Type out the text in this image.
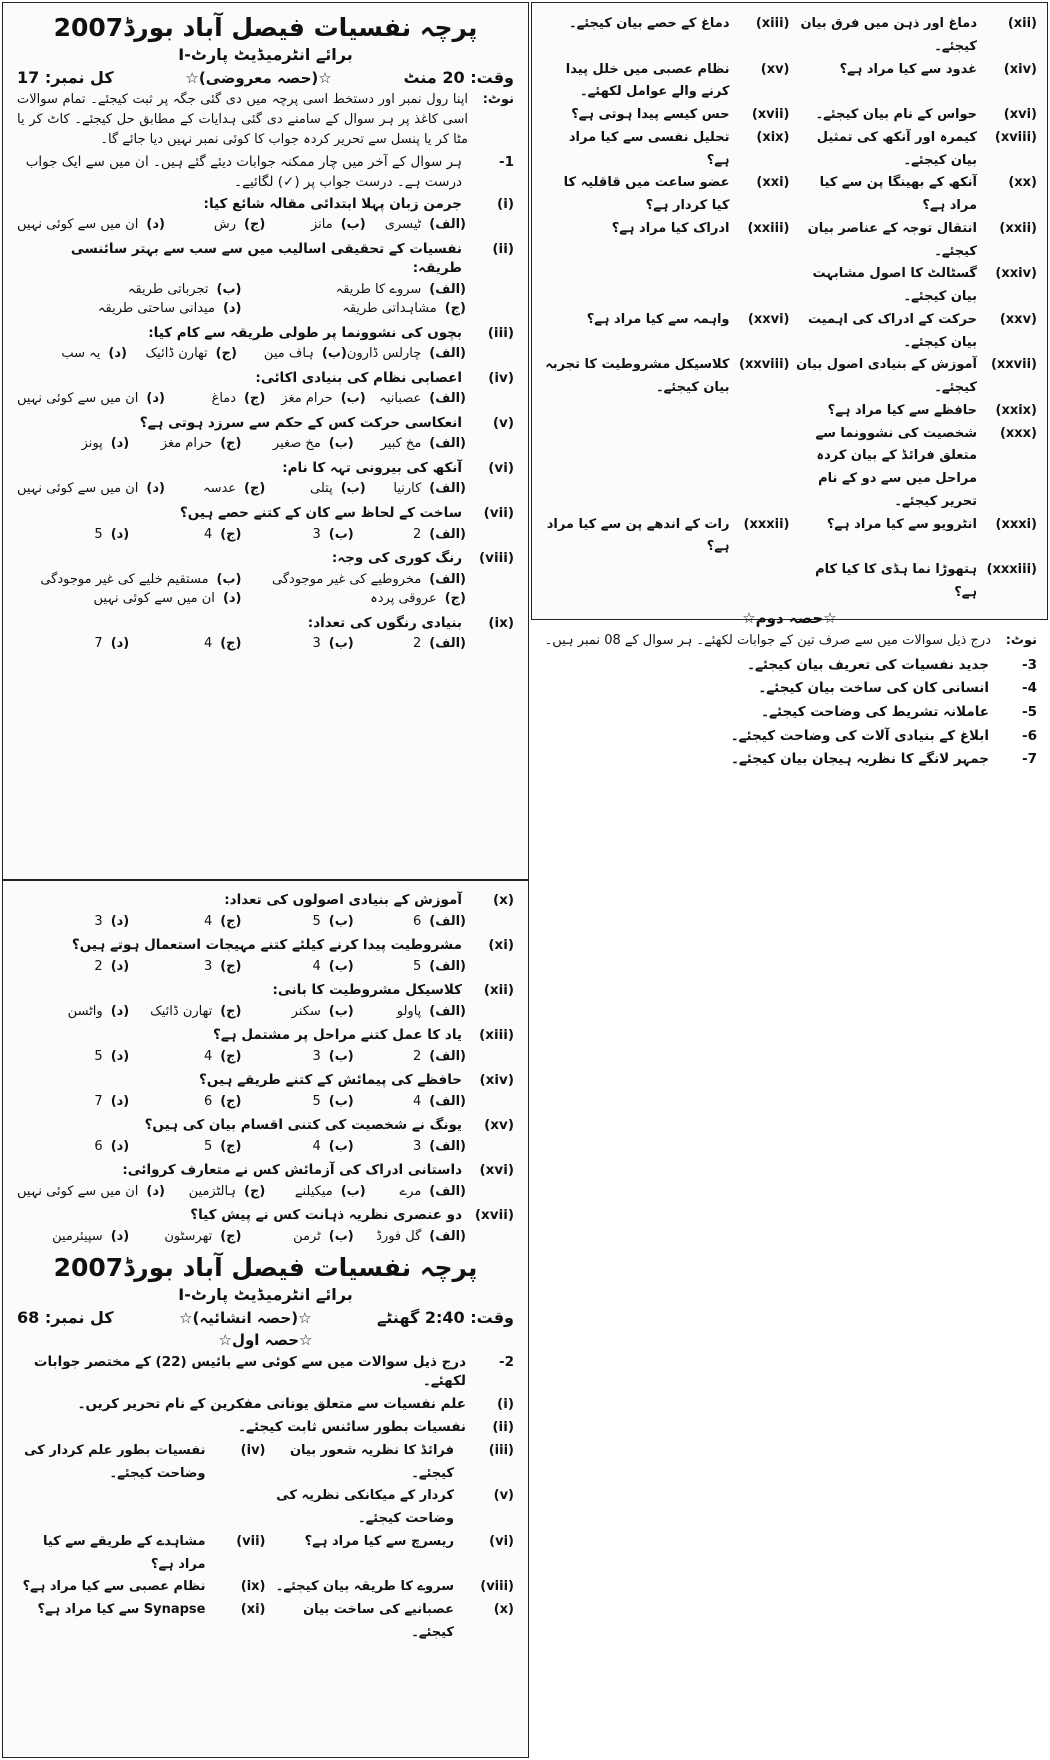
پرچہ نفسیات فیصل آباد بورڈ2007
برائے انٹرمیڈیٹ پارٹ-I
وقت: 20 منٹ
☆(حصہ معروضی)☆
کل نمبر: 17
نوٹ:
اپنا رول نمبر اور دستخط اسی پرچہ میں دی گئی جگہ پر ثبت کیجئے۔ تمام سوالات اسی کاغذ پر ہر سوال کے سامنے دی گئی ہدایات کے مطابق حل کیجئے۔ کاٹ کر یا مٹا کر یا پنسل سے تحریر کردہ جواب کا کوئی نمبر نہیں دیا جائے گا۔
-1
ہر سوال کے آخر میں چار ممکنہ جوابات دیئے گئے ہیں۔ ان میں سے ایک جواب درست ہے۔ درست جواب پر (✓) لگائیے۔
(i)
جرمن زبان پہلا ابتدائی مقالہ شائع کیا:
(الف)
ٹیسری
(ب)
مانز
(ج)
رش
(د)
ان میں سے کوئی نہیں
(ii)
نفسیات کے تحقیقی اسالیب میں سے سب سے بہتر سائنسی طریقہ:
(الف)
سروے کا طریقہ
(ب)
تجرباتی طریقہ
(ج)
مشاہداتی طریقہ
(د)
میدانی ساحتی طریقہ
(iii)
بچوں کی نشوونما پر طولی طریقہ سے کام کیا:
(الف)
چارلس ڈارون
(ب)
ہاف مین
(ج)
تھارن ڈائیک
(د)
یہ سب
(iv)
اعصابی نظام کی بنیادی اکائی:
(الف)
عصبانیہ
(ب)
حرام مغز
(ج)
دماغ
(د)
ان میں سے کوئی نہیں
(v)
انعکاسی حرکت کس کے حکم سے سرزد ہوتی ہے؟
(الف)
مخ کبیر
(ب)
مخ صغیر
(ج)
حرام مغز
(د)
پونز
(vi)
آنکھ کی بیرونی تہہ کا نام:
(الف)
کارنیا
(ب)
پتلی
(ج)
عدسہ
(د)
ان میں سے کوئی نہیں
(vii)
ساخت کے لحاظ سے کان کے کتنے حصے ہیں؟
(الف)
2
(ب)
3
(ج)
4
(د)
5
(viii)
رنگ کوری کی وجہ:
(الف)
مخروطیے کی غیر موجودگی
(ب)
مستقیم خلیے کی غیر موجودگی
(ج)
عروقی پردہ
(د)
ان میں سے کوئی نہیں
(ix)
بنیادی رنگوں کی تعداد:
(الف)
2
(ب)
3
(ج)
4
(د)
7
(xii)
دماغ اور ذہن میں فرق بیان کیجئے۔
(xiii)
دماغ کے حصے بیان کیجئے۔
(xiv)
غدود سے کیا مراد ہے؟
(xv)
نظام عصبی میں خلل پیدا کرنے والے عوامل لکھئے۔
(xvi)
حواس کے نام بیان کیجئے۔
(xvii)
حس کیسے پیدا ہوتی ہے؟
(xviii)
کیمرہ اور آنکھ کی تمثیل بیان کیجئے۔
(xix)
تحلیل نفسی سے کیا مراد ہے؟
(xx)
آنکھ کے بھینگا پن سے کیا مراد ہے؟
(xxi)
عضو ساعت میں قاقلیہ کا کیا کردار ہے؟
(xxii)
انتقال توجہ کے عناصر بیان کیجئے۔
(xxiii)
ادراک کیا مراد ہے؟
(xxiv)
گسٹالٹ کا اصول مشابہت بیان کیجئے۔
(xxv)
حرکت کے ادراک کی اہمیت بیان کیجئے۔
(xxvi)
واہمہ سے کیا مراد ہے؟
(xxvii)
آموزش کے بنیادی اصول بیان کیجئے۔
(xxviii)
کلاسیکل مشروطیت کا تجربہ بیان کیجئے۔
(xxix)
حافظے سے کیا مراد ہے؟
(xxx)
شخصیت کی نشوونما سے متعلق فرائڈ کے بیان کردہ مراحل میں سے دو کے نام تحریر کیجئے۔
(xxxi)
انٹرویو سے کیا مراد ہے؟
(xxxii)
رات کے اندھے پن سے کیا مراد ہے؟
(xxxiii)
ہتھوڑا نما ہڈی کا کیا کام ہے؟
☆حصہ دوم☆
نوٹ:
درج ذیل سوالات میں سے صرف تین کے جوابات لکھئے۔ ہر سوال کے 08 نمبر ہیں۔
-3
جدید نفسیات کی تعریف بیان کیجئے۔
-4
انسانی کان کی ساخت بیان کیجئے۔
-5
عاملانہ تشریط کی وضاحت کیجئے۔
-6
ابلاغ کے بنیادی آلات کی وضاحت کیجئے۔
-7
جمہر لانگے کا نظریہ ہیجان بیان کیجئے۔
(x)
آموزش کے بنیادی اصولوں کی تعداد:
(الف)
6
(ب)
5
(ج)
4
(د)
3
(xi)
مشروطیت پیدا کرنے کیلئے کتنے مہیجات استعمال ہوتے ہیں؟
(الف)
5
(ب)
4
(ج)
3
(د)
2
(xii)
کلاسیکل مشروطیت کا بانی:
(الف)
پاولو
(ب)
سکنر
(ج)
تھارن ڈائیک
(د)
واٹسن
(xiii)
یاد کا عمل کتنے مراحل پر مشتمل ہے؟
(الف)
2
(ب)
3
(ج)
4
(د)
5
(xiv)
حافظے کی پیمائش کے کتنے طریقے ہیں؟
(الف)
4
(ب)
5
(ج)
6
(د)
7
(xv)
یونگ نے شخصیت کی کتنی اقسام بیان کی ہیں؟
(الف)
3
(ب)
4
(ج)
5
(د)
6
(xvi)
داستانی ادراک کی آزمائش کس نے متعارف کروائی:
(الف)
مرے
(ب)
میکیلنے
(ج)
ہالٹزمین
(د)
ان میں سے کوئی نہیں
(xvii)
دو عنصری نظریہ ذہانت کس نے پیش کیا؟
(الف)
گل فورڈ
(ب)
ٹرمن
(ج)
تھرسٹون
(د)
سپیئرمین
پرچہ نفسیات فیصل آباد بورڈ2007
برائے انٹرمیڈیٹ پارٹ-I
وقت: 2:40 گھنٹے
☆(حصہ انشائیہ)☆
کل نمبر: 68
☆حصہ اول☆
-2
درج ذیل سوالات میں سے کوئی سے بائیس (22) کے مختصر جوابات لکھئے۔
(i)
علم نفسیات سے متعلق یونانی مفکرین کے نام تحریر کریں۔
(ii)
نفسیات بطور سائنس ثابت کیجئے۔
(iii)
فرائڈ کا نظریہ شعور بیان کیجئے۔
(iv)
نفسیات بطور علم کردار کی وضاحت کیجئے۔
(v)
کردار کے میکانکی نظریہ کی وضاحت کیجئے۔
(vi)
ریسرچ سے کیا مراد ہے؟
(vii)
مشاہدے کے طریقے سے کیا مراد ہے؟
(viii)
سروے کا طریقہ بیان کیجئے۔
(ix)
نظام عصبی سے کیا مراد ہے؟
(x)
عصبانیے کی ساخت بیان کیجئے۔
(xi)
Synapse سے کیا مراد ہے؟
